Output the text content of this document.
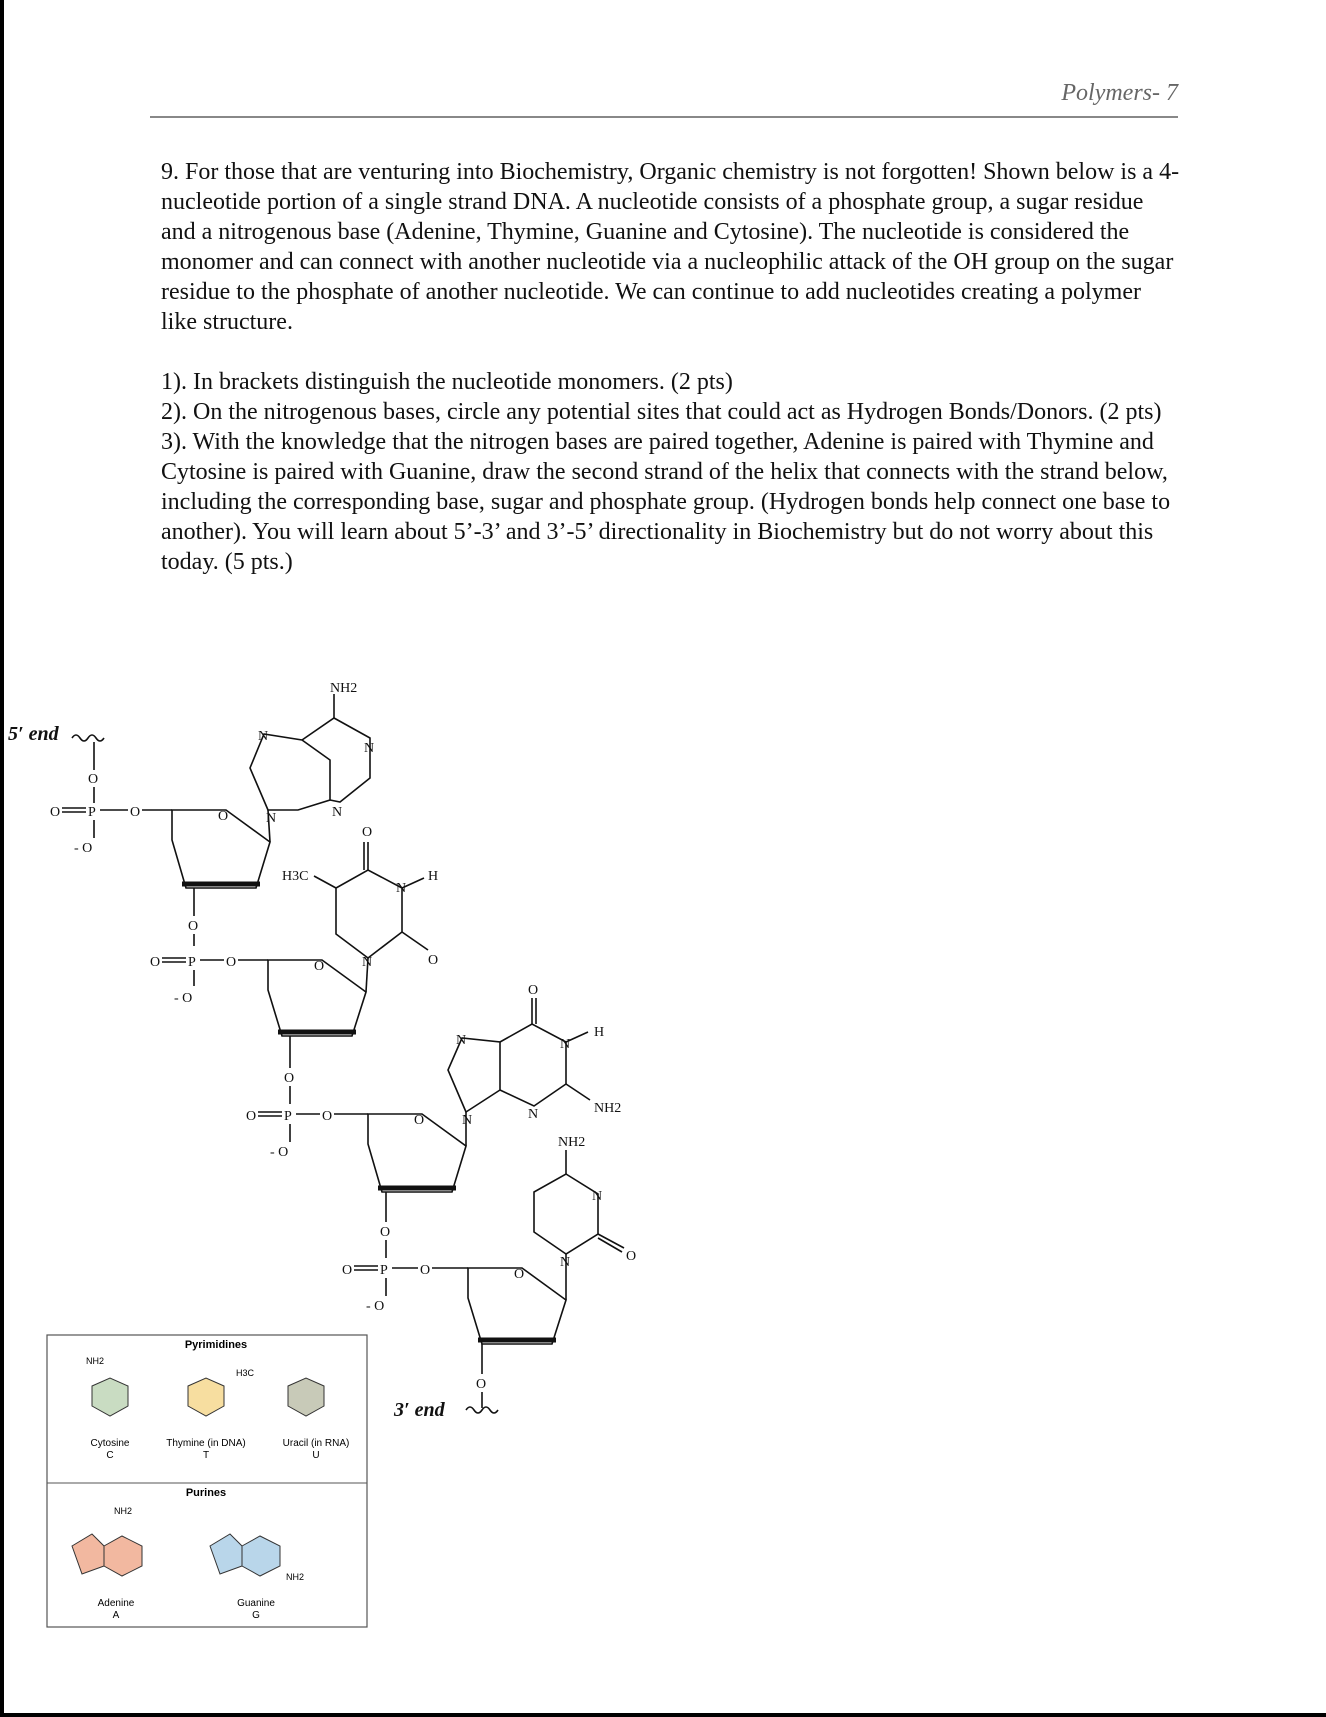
Polymers- 7
9. For those that are venturing into Biochemistry, Organic chemistry is not forgotten! Shown below is a 4-nucleotide portion of a single strand DNA. A nucleotide consists of a phosphate group, a sugar residue and a nitrogenous base (Adenine, Thymine, Guanine and Cytosine). The nucleotide is considered the monomer and can connect with another nucleotide via a nucleophilic attack of the OH group on the sugar residue to the phosphate of another nucleotide. We can continue to add nucleotides creating a polymer like structure.

1). In brackets distinguish the nucleotide monomers. (2 pts)

2). On the nitrogenous bases, circle any potential sites that could act as Hydrogen Bonds/Donors. (2 pts)

3). With the knowledge that the nitrogen bases are paired together, Adenine is paired with Thymine and Cytosine is paired with Guanine, draw the second strand of the helix that connects with the strand below, including the corresponding base, sugar and phosphate group. (Hydrogen bonds help connect one base to another). You will learn about 5’-3’ and 3’-5’ directionality in Biochemistry but do not worry about this today. (5 pts.)

5′ end
O
O P O
- O
O
NH2
N
N
N
N
O
O P O
- O
O
O
O
H
H3C
N
N
O
O P O
- O
O
O
H
NH2
N
N
N
N
O
O P O
- O
O
NH2
O
N
N
O
3′ end
Pyrimidines
NH2
Cytosine
C
H3C
Thymine (in DNA)
T
Uracil (in RNA)
U
Purines
NH2
Adenine
A
NH2
Guanine
G
